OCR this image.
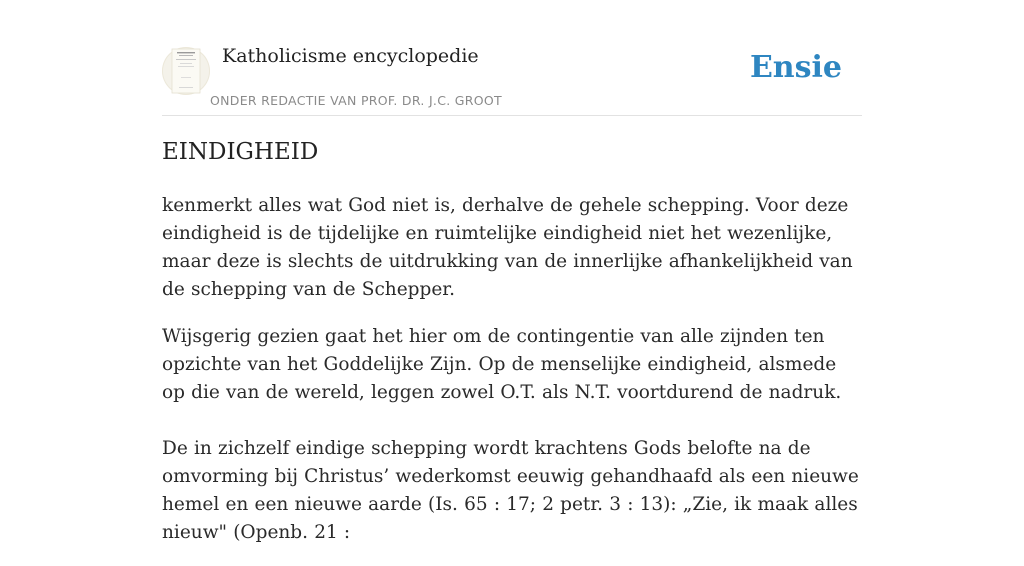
Katholicisme encyclopedie
ONDER REDACTIE VAN PROF. DR. J.C. GROOT
Ensie
EINDIGHEID

kenmerkt alles wat God niet is, derhalve de gehele schepping. Voor deze eindigheid is de tijdelijke en ruimtelijke eindigheid niet het wezenlijke, maar deze is slechts de uitdrukking van de innerlijke afhankelijkheid van de schepping van de Schepper.

Wijsgerig gezien gaat het hier om de contingentie van alle zijnden ten opzichte van het Goddelijke Zijn. Op de menselijke eindigheid, alsmede op die van de wereld, leggen zowel O.T. als N.T. voortdurend de nadruk.

De in zichzelf eindige schepping wordt krachtens Gods belofte na de omvorming bij Christus’ wederkomst eeuwig gehandhaafd als een nieuwe hemel en een nieuwe aarde (Is. 65 : 17; 2 petr. 3 : 13): „Zie, ik maak alles nieuw" (Openb. 21 :
